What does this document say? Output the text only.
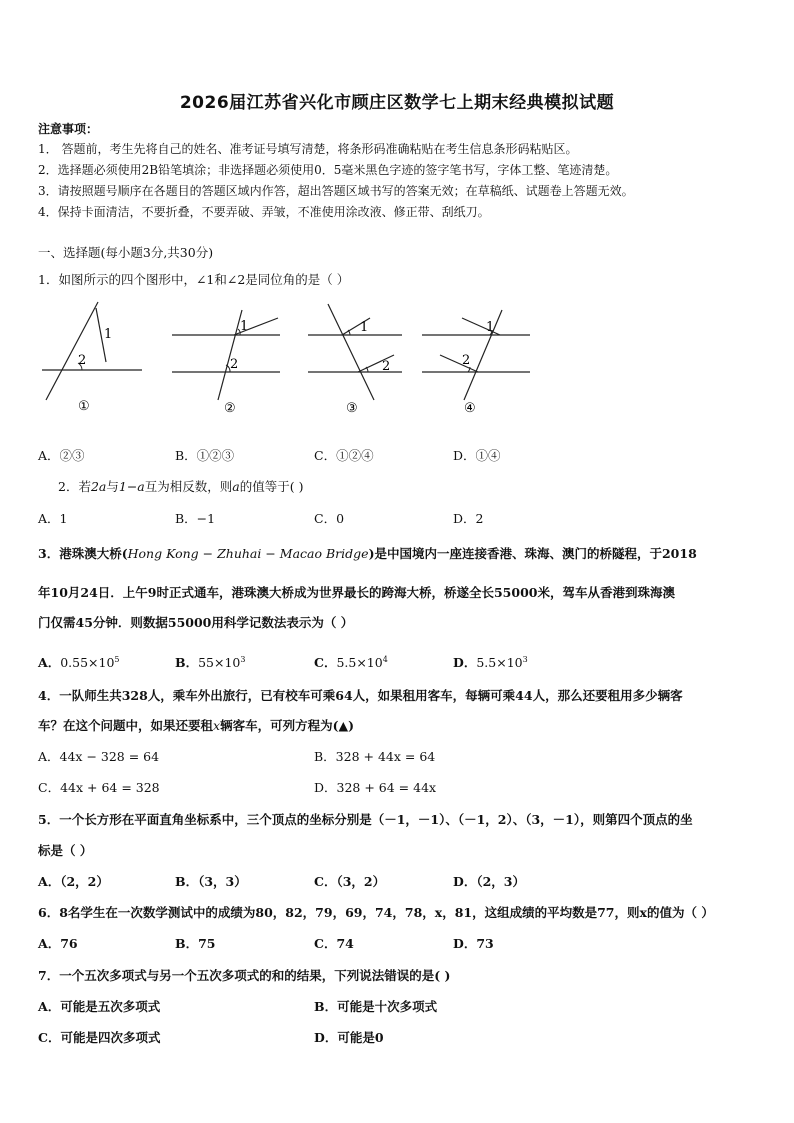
2026届江苏省兴化市顾庄区数学七上期末经典模拟试题
注意事项：
1． 答题前，考生先将自己的姓名、准考证号填写清楚，将条形码准确粘贴在考生信息条形码粘贴区。
2．选择题必须使用2B铅笔填涂；非选择题必须使用0．5毫米黑色字迹的签字笔书写，字体工整、笔迹清楚。
3．请按照题号顺序在各题目的答题区域内作答，超出答题区域书写的答案无效；在草稿纸、试题卷上答题无效。
4．保持卡面清洁，不要折叠，不要弄破、弄皱，不准使用涂改液、修正带、刮纸刀。
一、选择题(每小题3分,共30分)
1．如图所示的四个图形中，∠1和∠2是同位角的是（ ）
1
2
①
1
2
②
1
2
③
1
2
④
A．②③	B．①②③	C．①②④	D．①④
2．若2a与1−a互为相反数，则a的值等于( )
A．1	B．−1	C．0	D．2
3．港珠澳大桥(Hong Kong − Zhuhai − Macao Bridge)是中国境内一座连接香港、珠海、澳门的桥隧程，于2018
年10月24日．上午9时正式通车，港珠澳大桥成为世界最长的跨海大桥，桥遂全长55000米，驾车从香港到珠海澳
门仅需45分钟．则数据55000用科学记数法表示为（ ）
A．$0.55\times 10^5$	B．$55\times 10^3$	C．$5.5\times 10^4$	D．$5.5\times 10^3$
4．一队师生共328人，乘车外出旅行，已有校车可乘64人，如果租用客车，每辆可乘44人，那么还要租用多少辆客
车？在这个问题中，如果还要租x辆客车，可列方程为(▲)
A．44x − 328 = 64	B．328 + 44x = 64
C．44x + 64 = 328	D．328 + 64 = 44x
5．一个长方形在平面直角坐标系中，三个顶点的坐标分别是（－1，－1）、（－1，2）、（3，－1），则第四个顶点的坐
标是（ ）
A．（2，2）	B．（3，3）	C．（3，2）	D．（2，3）
6．8名学生在一次数学测试中的成绩为80，82，79，69，74，78，x，81，这组成绩的平均数是77，则x的值为（ ）
A．76	B．75	C．74	D．73
7．一个五次多项式与另一个五次多项式的和的结果，下列说法错误的是( )
A．可能是五次多项式	B．可能是十次多项式
C．可能是四次多项式	D．可能是0
